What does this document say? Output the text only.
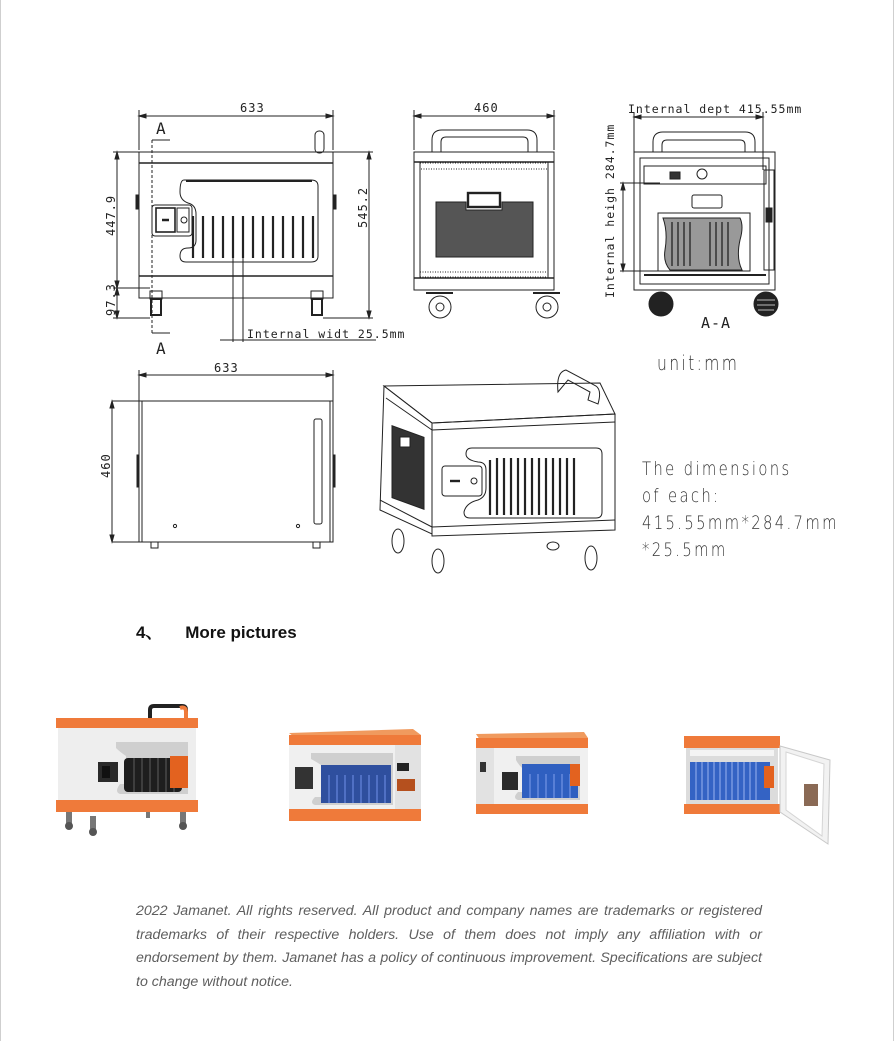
633
A
A
447.9
97.3
545.2
Internal widt 25.5mm
460	Internal dept 415.55mm
Internal heigh 284.7mm
A-A
633
460
unit:mm
The dimensions
of each:
415.55mm*284.7mm
*25.5mm
4、 More pictures
2022 Jamanet. All rights reserved. All product and company names are trademarks or registered trademarks of their respective holders. Use of them does not imply any affiliation with or endorsement by them. Jamanet has a policy of continuous improvement. Specifications are subject to change without notice.
